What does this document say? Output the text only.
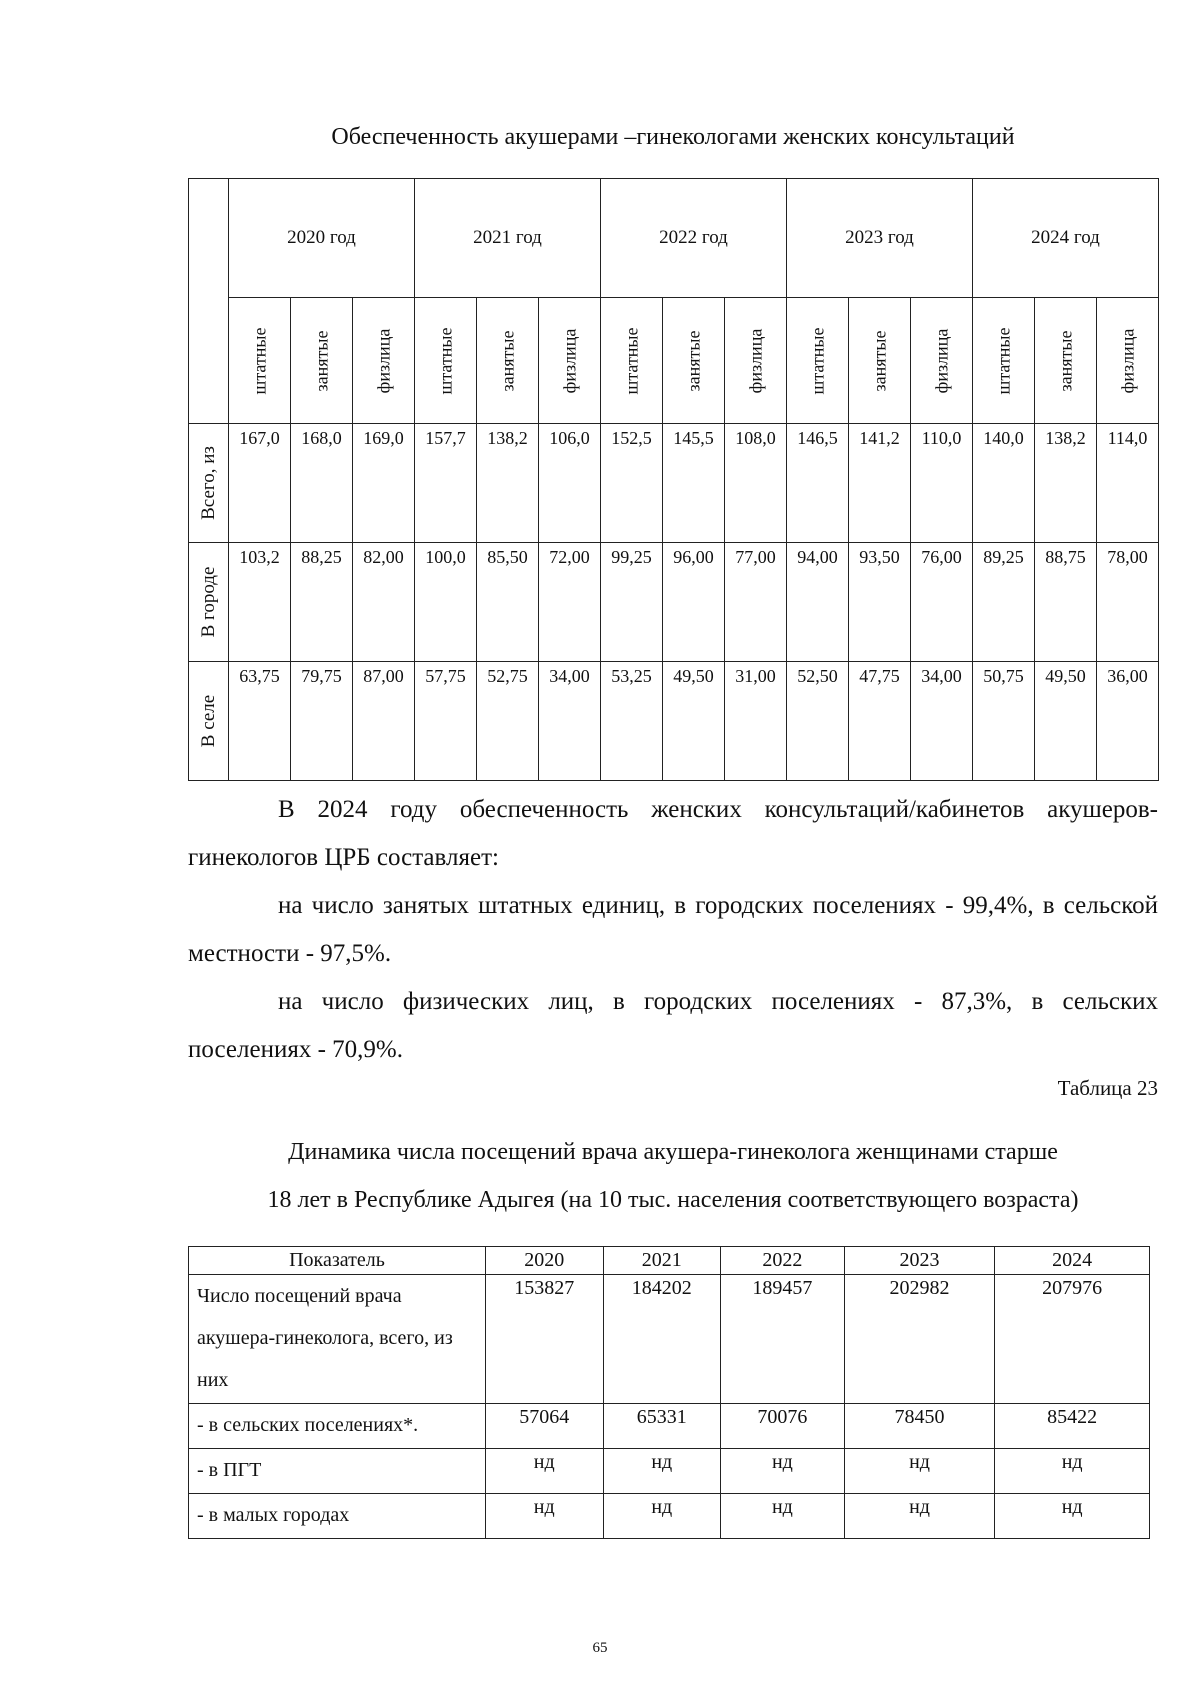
Обеспеченность акушерами –гинекологами женских консультаций
	2020 год			2021 год			2022 год			2023 год			2024 год		

	штатные	занятые	физлица	штатные	занятые	физлица	штатные	занятые	физлица	штатные	занятые	физлица	штатные	занятые	физлица

Всего, из	167,0	168,0	169,0	157,7	138,2	106,0	152,5	145,5	108,0	146,5	141,2	110,0	140,0	138,2	114,0

В городе	103,2	88,25	82,00	100,0	85,50	72,00	99,25	96,00	77,00	94,00	93,50	76,00	89,25	88,75	78,00

В селе	63,75	79,75	87,00	57,75	52,75	34,00	53,25	49,50	31,00	52,50	47,75	34,00	50,75	49,50	36,00

В 2024 году обеспеченность женских консультаций/кабинетов акушеров-гинекологов ЦРБ составляет:

на число занятых штатных единиц, в городских поселениях - 99,4%, в сельской местности - 97,5%.

на число физических лиц, в городских поселениях - 87,3%, в сельских поселениях - 70,9%.

Таблица 23
Динамика числа посещений врача акушера-гинеколога женщинами старше
18 лет в Республике Адыгея (на 10 тыс. населения соответствующего возраста)
Показатель	2020	2021	2022	2023	2024
Число посещений врача акушера-гинеколога, всего, из них	153827	184202	189457	202982	207976
- в сельских поселениях*.	57064	65331	70076	78450	85422
- в ПГТ	нд	нд	нд	нд	нд
- в малых городах	нд	нд	нд	нд	нд
65
